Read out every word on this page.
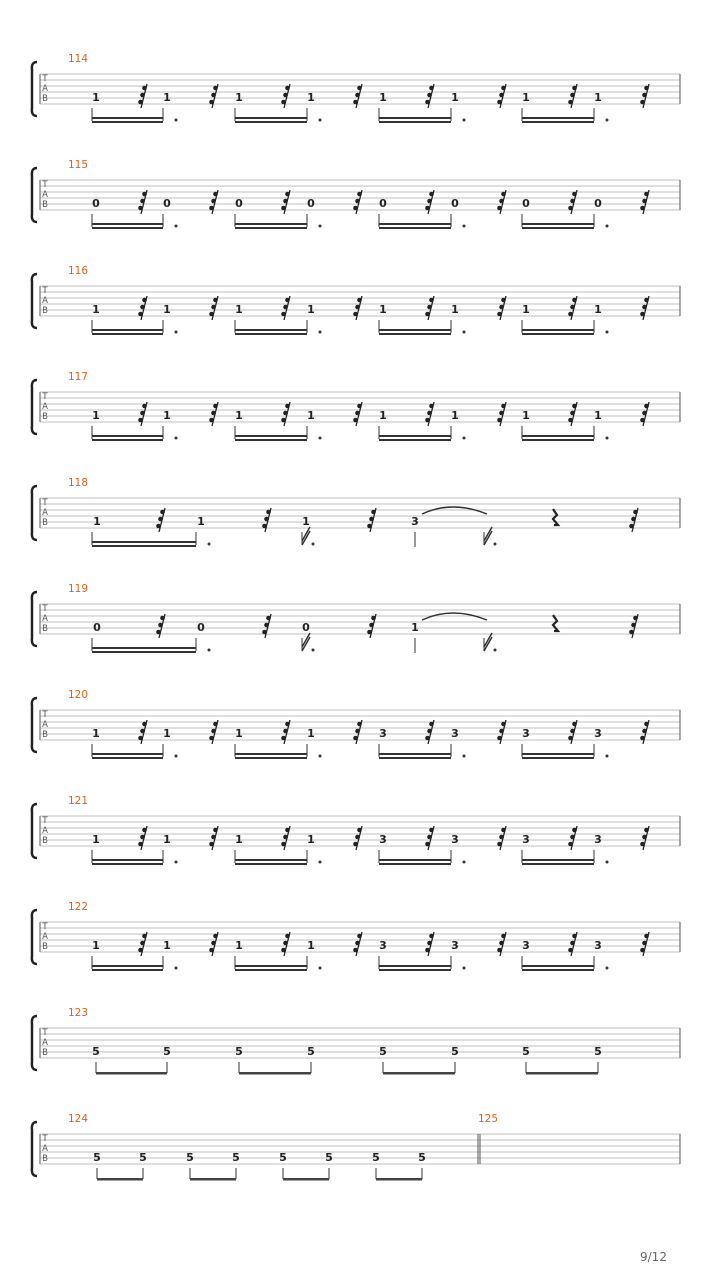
T
A
B
114
1	1	1	1	1	1	1	1
T
A
B
115
0	0	0	0	0	0	0	0
T
A
B
116
1	1	1	1	1	1	1	1
T
A
B
117
1	1	1	1	1	1	1	1
T
A
B
118
1	1	1	3
T
A
B
119
0	0	0	1
T
A
B
120
1	1	1	1	3	3	3	3
T
A
B
121
1	1	1	1	3	3	3	3
T
A
B
122
1	1	1	1	3	3	3	3
T
A
B
123
5	5	5	5	5	5	5	5
T
A
B
124
5	5	5	5	5	5	5	5
125
9/12
